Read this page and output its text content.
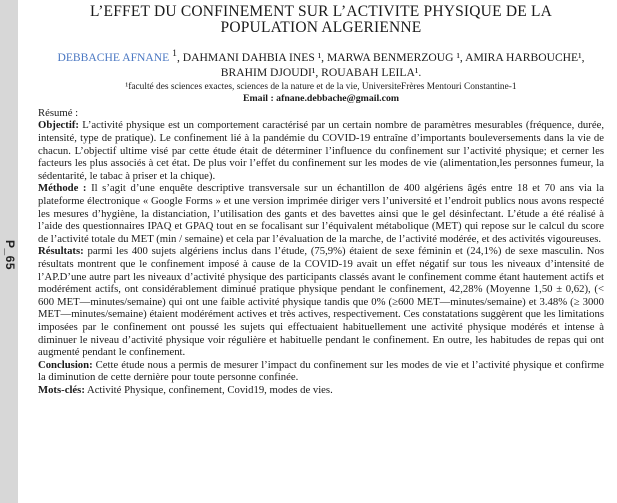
P_65
L’EFFET DU CONFINEMENT SUR L’ACTIVITE PHYSIQUE DE LA POPULATION ALGERIENNE
DEBBACHE AFNANE $^1$, DAHMANI DAHBIA INES ¹, MARWA BENMERZOUG ¹, AMIRA HARBOUCHE¹, BRAHIM DJOUDI¹, ROUABAH LEILA¹.
¹faculté des sciences exactes, sciences de la nature et de la vie, UniversiteFrères Mentouri Constantine-1
Email : afnane.debbache@gmail.com

Résumé :

Objectif: L’activité physique est un comportement caractérisé par un certain nombre de paramètres mesurables (fréquence, durée, intensité, type de pratique). Le confinement lié à la pandémie du COVID-19 entraîne d’importants bouleversements dans la vie de chacun. L’objectif ultime visé par cette étude était de déterminer l’influence du confinement sur l’activité physique; et cerner les facteurs les plus associés à cet état. De plus voir l’effet du confinement sur les modes de vie (alimentation,les personnes fumeur, la sédentarité, le tabac à priser et la chique).

Méthode : Il s’agit d’une enquête descriptive transversale sur un échantillon de 400 algériens âgés entre 18 et 70 ans via la plateforme électronique « Google Forms » et une version imprimée diriger vers l’université et l’endroit publics nous avons respecté les mesures d’hygiène, la distanciation, l’utilisation des gants et des bavettes ainsi que le gel désinfectant. L’étude a été réalisé à l’aide des questionnaires IPAQ et GPAQ tout en se focalisant sur l’équivalent métabolique (MET) qui repose sur le calcul du score de l’activité totale du MET (min / semaine) et cela par l’évaluation de la marche, de l’activité modérée, et des activités vigoureuses.

Résultats: parmi les 400 sujets algériens inclus dans l’étude, (75,9%) étaient de sexe féminin et (24,1%) de sexe masculin. Nos résultats montrent que le confinement imposé à cause de la COVID-19 avait un effet négatif sur tous les niveaux d’intensité de l’AP.D’une autre part les niveaux d’activité physique des participants classés avant le confinement comme étant hautement actifs et modérément actifs, ont considérablement diminué pratique physique pendant le confinement, 42,28% (Moyenne 1,50 ± 0,62), (< 600 MET—minutes/semaine) qui ont une faible activité physique tandis que 0% (≥600 MET—minutes/semaine) et 3.48% (≥ 3000 MET—minutes/semaine) étaient modérément actives et très actives, respectivement. Ces constatations suggèrent que les limitations imposées par le confinement ont poussé les sujets qui effectuaient habituellement une activité physique modérés et intense à diminuer le niveau d’activité physique voir régulière et habituelle pendant le confinement. En outre, les habitudes de repas qui ont augmenté pendant le confinement.

Conclusion: Cette étude nous a permis de mesurer l’impact du confinement sur les modes de vie et l’activité physique et confirme la diminution de cette dernière pour toute personne confinée.

Mots-clés: Activité Physique, confinement, Covid19, modes de vies.
